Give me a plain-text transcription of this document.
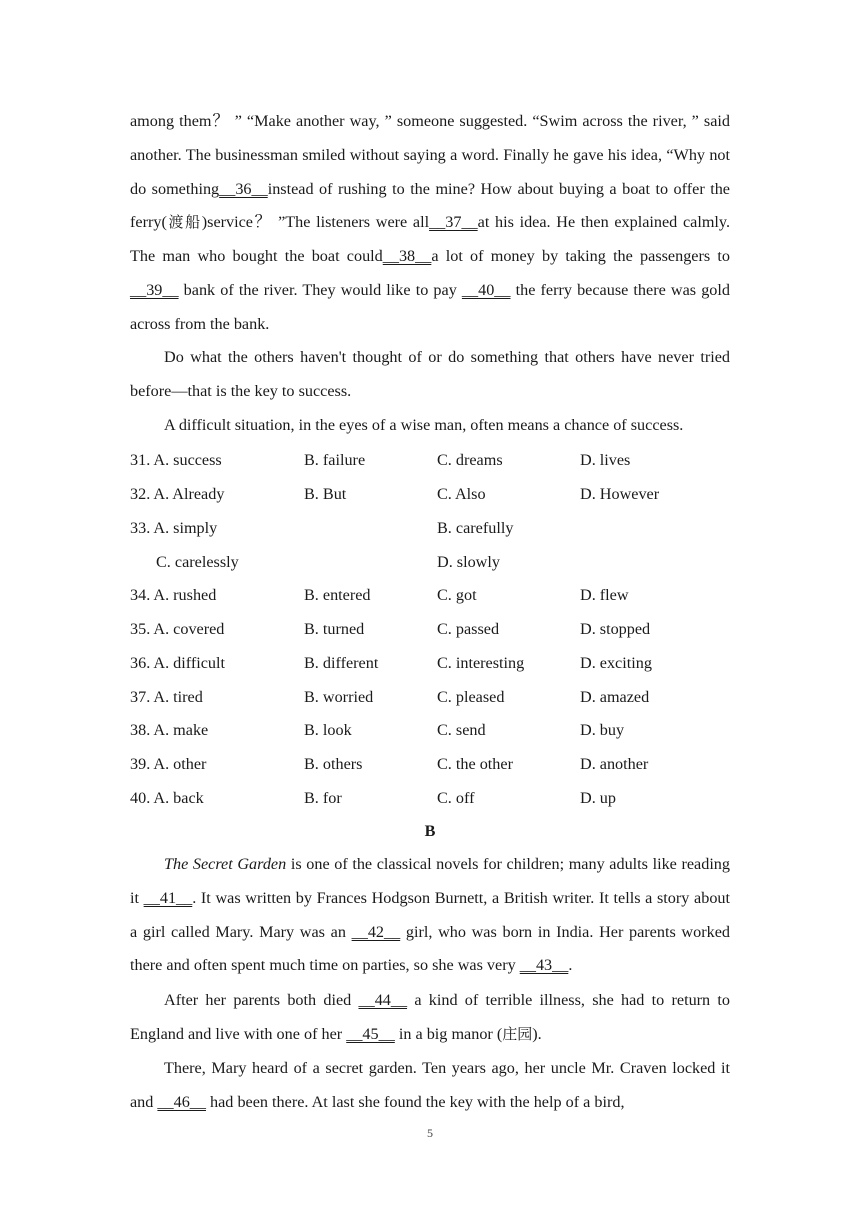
among them？ ” “Make another way, ” someone suggested. “Swim across the river, ” said another. The businessman smiled without saying a word. Finally he gave his idea, “Why not do something__36__instead of rushing to the mine? How about buying a boat to offer the ferry(渡船)service？ ”The listeners were all__37__at his idea. He then explained calmly. The man who bought the boat could__38__a lot of money by taking the passengers to __39__ bank of the river. They would like to pay __40__ the ferry because there was gold across from the bank.

Do what the others haven't thought of or do something that others have never tried before—that is the key to success.

A difficult situation, in the eyes of a wise man, often means a chance of success.

31. A. success	B. failure	C. dreams	D. lives
32. A. Already	B. But	C. Also	D. However
33. A. simply	B. carefully
C. carelessly	D. slowly
34. A. rushed	B. entered	C. got	D. flew
35. A. covered	B. turned	C. passed	D. stopped
36. A. difficult	B. different	C. interesting	D. exciting
37. A. tired	B. worried	C. pleased	D. amazed
38. A. make	B. look	C. send	D. buy
39. A. other	B. others	C. the other	D. another
40. A. back	B. for	C. off	D. up
B

The Secret Garden is one of the classical novels for children; many adults like reading it __41__. It was written by Frances Hodgson Burnett, a British writer. It tells a story about a girl called Mary. Mary was an __42__ girl, who was born in India. Her parents worked there and often spent much time on parties, so she was very __43__.

After her parents both died __44__ a kind of terrible illness, she had to return to England and live with one of her __45__ in a big manor (庄园).

There, Mary heard of a secret garden. Ten years ago, her uncle Mr. Craven locked it and __46__ had been there. At last she found the key with the help of a bird,

5
